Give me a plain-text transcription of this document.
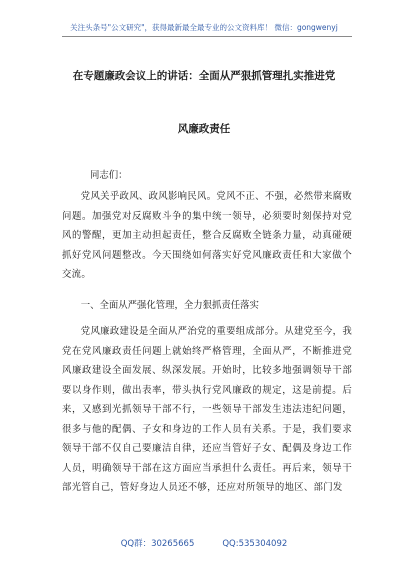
关注头条号"公文研究"，获得最新最全最专业的公文资料库！ 微信：gongwenyj
在专题廉政会议上的讲话：全面从严狠抓管理扎实推进党
风廉政责任
同志们：

党风关乎政风、政风影响民风。党风不正、不强，必然带来腐败问题。加强党对反腐败斗争的集中统一领导，必须要时刻保持对党风的警醒，更加主动担起责任，整合反腐败全链条力量，动真碰硬抓好党风问题整改。今天围绕如何落实好党风廉政责任和大家做个交流。

一、全面从严强化管理，全力狠抓责任落实

党风廉政建设是全面从严治党的重要组成部分。从建党至今，我党在党风廉政责任问题上就始终严格管理，全面从严，不断推进党风廉政建设全面发展、纵深发展。开始时，比较多地强调领导干部要以身作则，做出表率，带头执行党风廉政的规定，这是前提。后来，又感到光抓领导干部不行，一些领导干部发生违法违纪问题，很多与他的配偶、子女和身边的工作人员有关系。于是，我们要求领导干部不仅自己要廉洁自律，还应当管好子女、配偶及身边工作人员，明确领导干部在这方面应当承担什么责任。再后来，领导干部光管自己，管好身边人员还不够，还应对所领导的地区、部门发

QQ群：30265665	QQ:535304092
